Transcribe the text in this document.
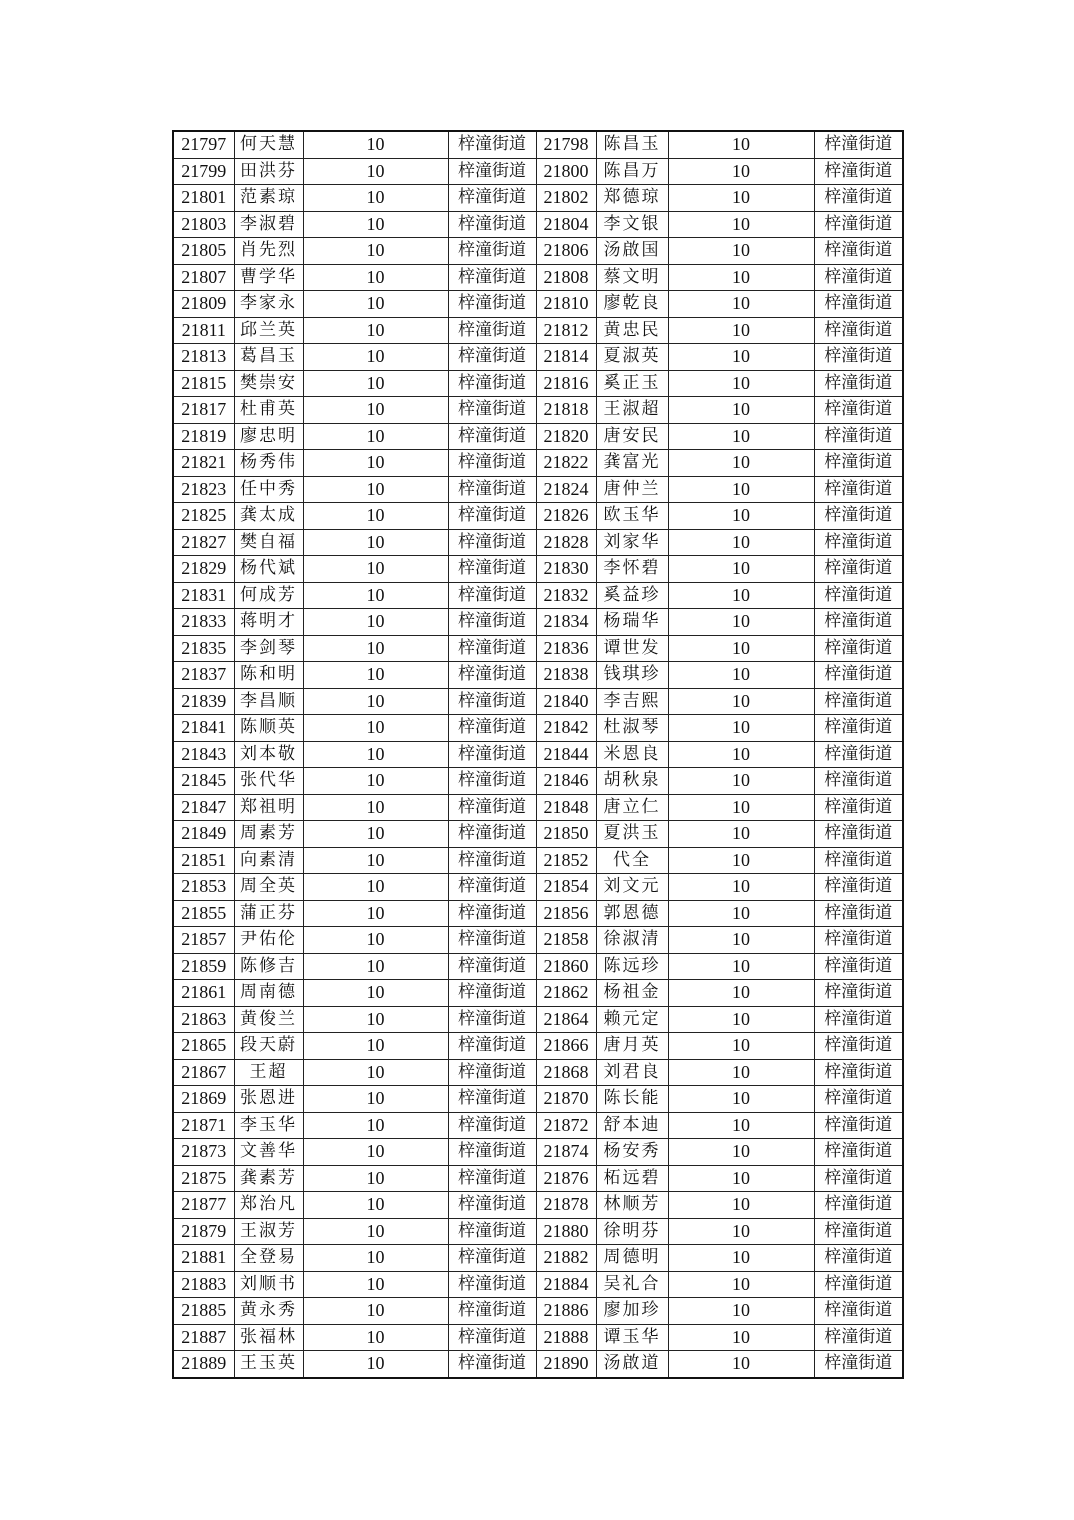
21797	何天慧	10	梓潼街道	21798	陈昌玉	10	梓潼街道
21799	田洪芬	10	梓潼街道	21800	陈昌万	10	梓潼街道
21801	范素琼	10	梓潼街道	21802	郑德琼	10	梓潼街道
21803	李淑碧	10	梓潼街道	21804	李文银	10	梓潼街道
21805	肖先烈	10	梓潼街道	21806	汤啟国	10	梓潼街道
21807	曹学华	10	梓潼街道	21808	蔡文明	10	梓潼街道
21809	李家永	10	梓潼街道	21810	廖乾良	10	梓潼街道
21811	邱兰英	10	梓潼街道	21812	黄忠民	10	梓潼街道
21813	葛昌玉	10	梓潼街道	21814	夏淑英	10	梓潼街道
21815	樊崇安	10	梓潼街道	21816	奚正玉	10	梓潼街道
21817	杜甫英	10	梓潼街道	21818	王淑超	10	梓潼街道
21819	廖忠明	10	梓潼街道	21820	唐安民	10	梓潼街道
21821	杨秀伟	10	梓潼街道	21822	龚富光	10	梓潼街道
21823	任中秀	10	梓潼街道	21824	唐仲兰	10	梓潼街道
21825	龚太成	10	梓潼街道	21826	欧玉华	10	梓潼街道
21827	樊自福	10	梓潼街道	21828	刘家华	10	梓潼街道
21829	杨代斌	10	梓潼街道	21830	李怀碧	10	梓潼街道
21831	何成芳	10	梓潼街道	21832	奚益珍	10	梓潼街道
21833	蒋明才	10	梓潼街道	21834	杨瑞华	10	梓潼街道
21835	李剑琴	10	梓潼街道	21836	谭世发	10	梓潼街道
21837	陈和明	10	梓潼街道	21838	钱琪珍	10	梓潼街道
21839	李昌顺	10	梓潼街道	21840	李吉熙	10	梓潼街道
21841	陈顺英	10	梓潼街道	21842	杜淑琴	10	梓潼街道
21843	刘本敬	10	梓潼街道	21844	米恩良	10	梓潼街道
21845	张代华	10	梓潼街道	21846	胡秋泉	10	梓潼街道
21847	郑祖明	10	梓潼街道	21848	唐立仁	10	梓潼街道
21849	周素芳	10	梓潼街道	21850	夏洪玉	10	梓潼街道
21851	向素清	10	梓潼街道	21852	代全	10	梓潼街道
21853	周全英	10	梓潼街道	21854	刘文元	10	梓潼街道
21855	蒲正芬	10	梓潼街道	21856	郭恩德	10	梓潼街道
21857	尹佑伦	10	梓潼街道	21858	徐淑清	10	梓潼街道
21859	陈修吉	10	梓潼街道	21860	陈远珍	10	梓潼街道
21861	周南德	10	梓潼街道	21862	杨祖金	10	梓潼街道
21863	黄俊兰	10	梓潼街道	21864	赖元定	10	梓潼街道
21865	段天蔚	10	梓潼街道	21866	唐月英	10	梓潼街道
21867	王超	10	梓潼街道	21868	刘君良	10	梓潼街道
21869	张恩进	10	梓潼街道	21870	陈长能	10	梓潼街道
21871	李玉华	10	梓潼街道	21872	舒本迪	10	梓潼街道
21873	文善华	10	梓潼街道	21874	杨安秀	10	梓潼街道
21875	龚素芳	10	梓潼街道	21876	柘远碧	10	梓潼街道
21877	郑治凡	10	梓潼街道	21878	林顺芳	10	梓潼街道
21879	王淑芳	10	梓潼街道	21880	徐明芬	10	梓潼街道
21881	全登易	10	梓潼街道	21882	周德明	10	梓潼街道
21883	刘顺书	10	梓潼街道	21884	吴礼合	10	梓潼街道
21885	黄永秀	10	梓潼街道	21886	廖加珍	10	梓潼街道
21887	张福林	10	梓潼街道	21888	谭玉华	10	梓潼街道
21889	王玉英	10	梓潼街道	21890	汤啟道	10	梓潼街道
